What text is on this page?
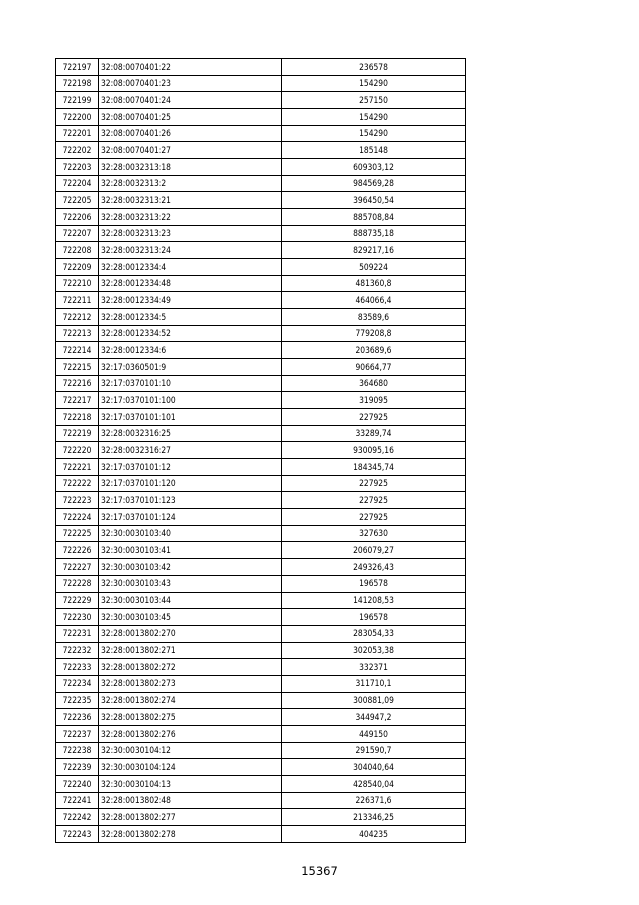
722197	32:08:0070401:22	236578
722198	32:08:0070401:23	154290
722199	32:08:0070401:24	257150
722200	32:08:0070401:25	154290
722201	32:08:0070401:26	154290
722202	32:08:0070401:27	185148
722203	32:28:0032313:18	609303,12
722204	32:28:0032313:2	984569,28
722205	32:28:0032313:21	396450,54
722206	32:28:0032313:22	885708,84
722207	32:28:0032313:23	888735,18
722208	32:28:0032313:24	829217,16
722209	32:28:0012334:4	509224
722210	32:28:0012334:48	481360,8
722211	32:28:0012334:49	464066,4
722212	32:28:0012334:5	83589,6
722213	32:28:0012334:52	779208,8
722214	32:28:0012334:6	203689,6
722215	32:17:0360501:9	90664,77
722216	32:17:0370101:10	364680
722217	32:17:0370101:100	319095
722218	32:17:0370101:101	227925
722219	32:28:0032316:25	33289,74
722220	32:28:0032316:27	930095,16
722221	32:17:0370101:12	184345,74
722222	32:17:0370101:120	227925
722223	32:17:0370101:123	227925
722224	32:17:0370101:124	227925
722225	32:30:0030103:40	327630
722226	32:30:0030103:41	206079,27
722227	32:30:0030103:42	249326,43
722228	32:30:0030103:43	196578
722229	32:30:0030103:44	141208,53
722230	32:30:0030103:45	196578
722231	32:28:0013802:270	283054,33
722232	32:28:0013802:271	302053,38
722233	32:28:0013802:272	332371
722234	32:28:0013802:273	311710,1
722235	32:28:0013802:274	300881,09
722236	32:28:0013802:275	344947,2
722237	32:28:0013802:276	449150
722238	32:30:0030104:12	291590,7
722239	32:30:0030104:124	304040,64
722240	32:30:0030104:13	428540,04
722241	32:28:0013802:48	226371,6
722242	32:28:0013802:277	213346,25
722243	32:28:0013802:278	404235
15367
